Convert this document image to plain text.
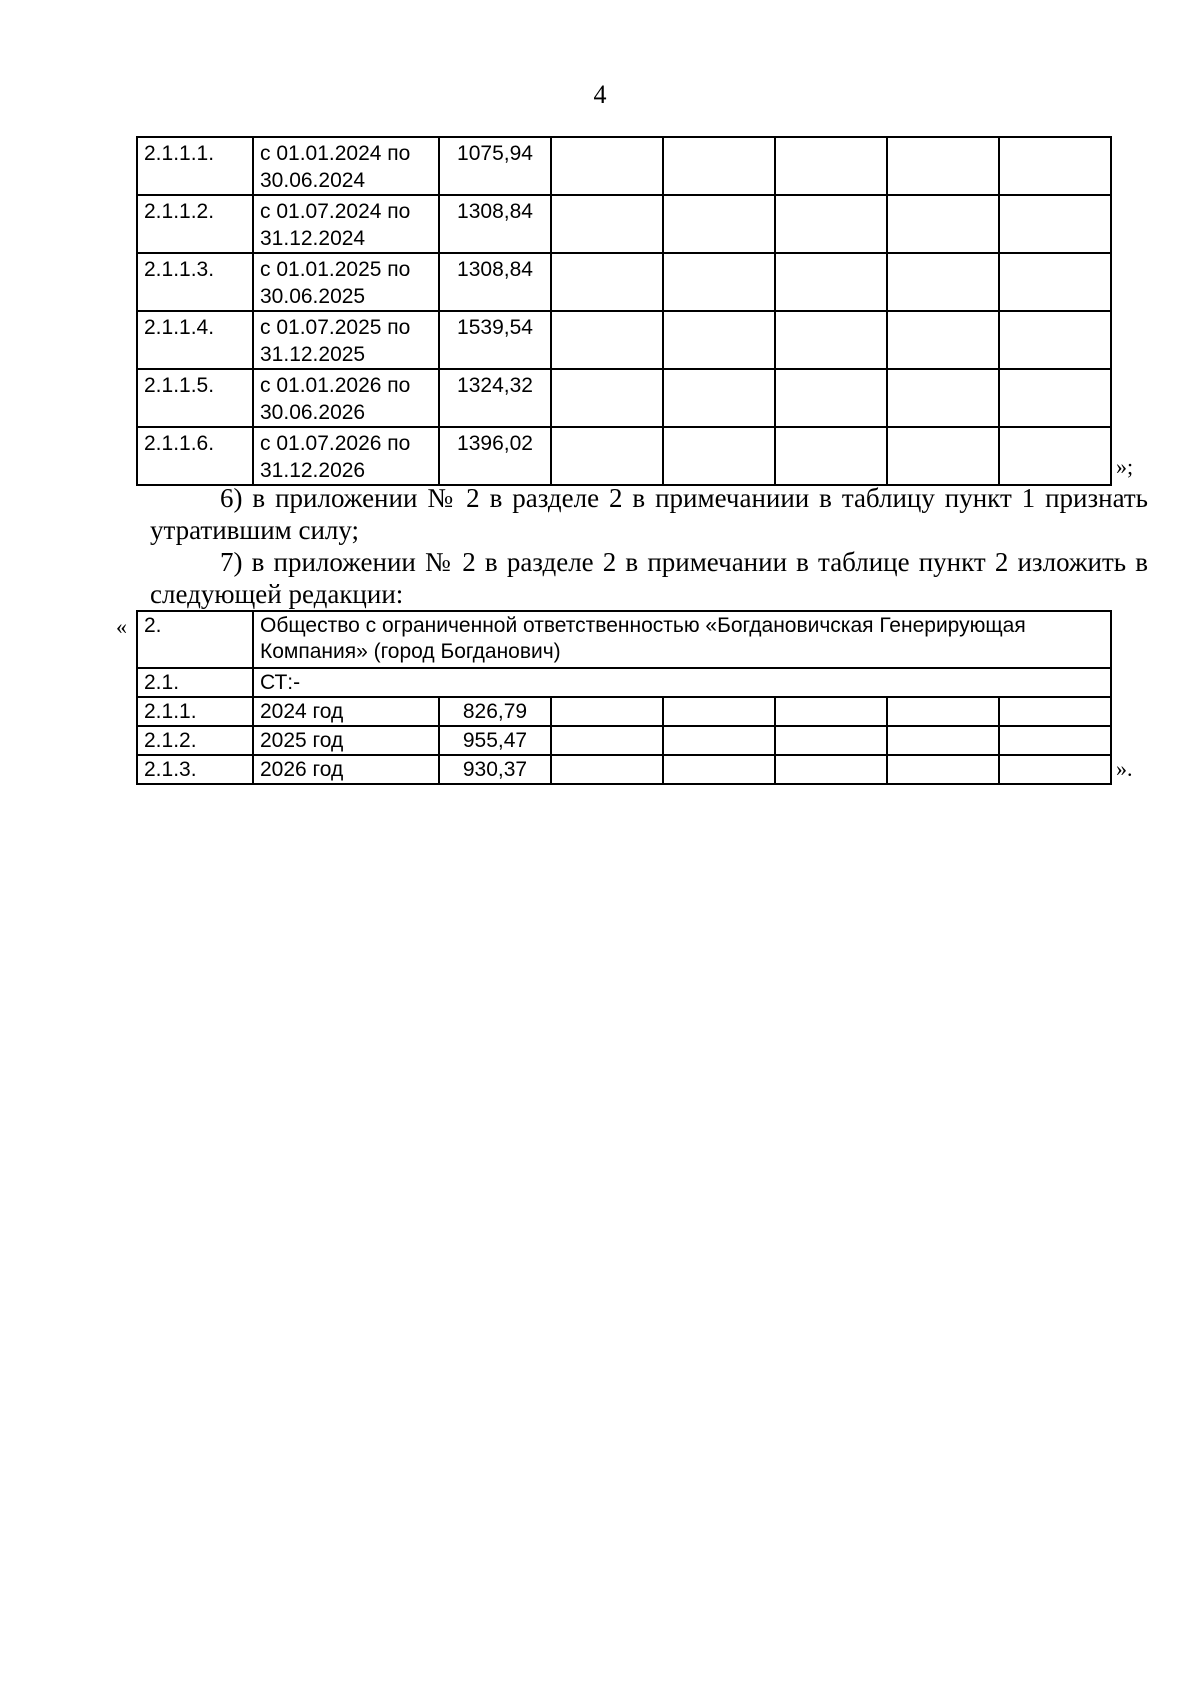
4
2.1.1.1.	с 01.01.2024 по 30.06.2024	1075,94					
2.1.1.2.	с 01.07.2024 по 31.12.2024	1308,84					
2.1.1.3.	с 01.01.2025 по 30.06.2025	1308,84					
2.1.1.4.	с 01.07.2025 по 31.12.2025	1539,54					
2.1.1.5.	с 01.01.2026 по 30.06.2026	1324,32					
2.1.1.6.	с 01.07.2026 по 31.12.2026	1396,02					
»;
6) в приложении № 2 в разделе 2 в примечаниии в таблицу пункт 1 признать утратившим силу;
7) в приложении № 2 в разделе 2 в примечании в таблице пункт 2 изложить в следующей редакции:
« 2.	Общество с ограниченной ответственностью «Богдановичская Генерирующая Компания» (город Богданович)						
2.1.	СТ:-						
2.1.1.	2024 год	826,79					
2.1.2.	2025 год	955,47					
2.1.3.	2026 год	930,37						».
